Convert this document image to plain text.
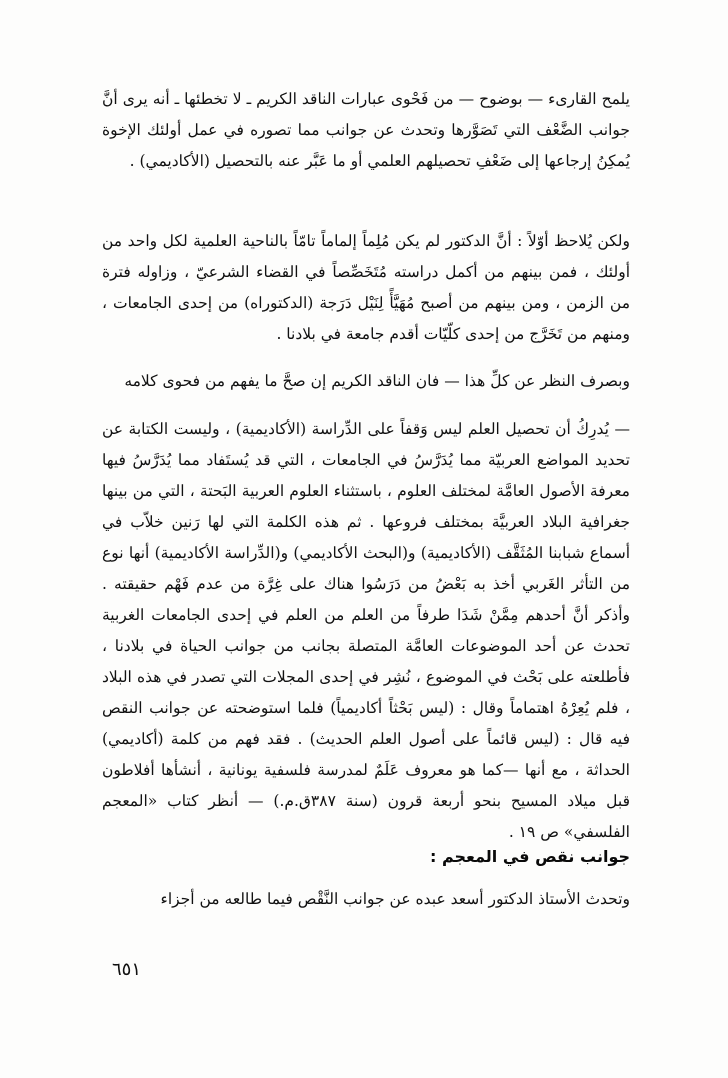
يلمح القارىء — بوضوح — من فَحْوى عبارات الناقد الكريم ـ لا تخطئها ـ أنه يرى أنَّ جوانب الضَّعْف التي تَصَوَّرها وتحدث عن جوانب مما تصوره في عمل أولئك الإخوة يُمكِنُ إرجاعها إلى ضَعْفِ تحصيلهم العلمي أو ما عَبَّر عنه بالتحصيل (الأكاديمي) .
ولكن يُلاحظ أوّلاً : أنَّ الدكتور لم يكن مُلِماً إلماماً تامّاً بالناحية العلمية لكل واحد من أولئك ، فمن بينهم من أكمل دراسته مُتَخَصِّصاً في القضاء الشرعيّ ، وزاوله فترة من الزمن ، ومن بينهم من أصبح مُهَيَّأً لِنَيْل دَرَجة (الدكتوراه) من إحدى الجامعات ، ومنهم من تَخَرَّج من إحدى كلّيّات أقدم جامعة في بلادنا .
وبصرف النظر عن كلِّ هذا — فان الناقد الكريم إن صحَّ ما يفهم من فحوى كلامه
— يُدرِكُ أن تحصيل العلم ليس وَقفاً على الدِّراسة (الأكاديمية) ، وليست الكتابة عن تحديد المواضع العربيّة مما يُدَرَّسُ في الجامعات ، التي قد يُستَفاد مما يُدَرَّسُ فيها معرفة الأصول العامَّة لمختلف العلوم ، باستثناء العلوم العربية البَحتة ، التي من بينها جغرافية البلاد العربيَّة بمختلف فروعها . ثم هذه الكلمة التي لها رَنين خلاّب في أسماع شبابنا المُثَقَّف (الأكاديمية) و(البحث الأكاديمي) و(الدِّراسة الأكاديمية) أنها نوع من التأثر الغَربي أخذ به بَعْضُ من دَرَسُوا هناك على غِرَّة من عدم فَهْم حقيقته . وأذكر أنَّ أحدهم مِمَّنْ شَدَا طرفاً من العلم من العلم في إحدى الجامعات الغربية تحدث عن أحد الموضوعات العامَّة المتصلة بجانب من جوانب الحياة في بلادنا ، فأطلعته على بَحْث في الموضوع ، نُشِر في إحدى المجلات التي تصدر في هذه البلاد ، فلم يُعِرْهُ اهتماماً وقال : (ليس بَحْثاً أكاديمياً) فلما استوضحته عن جوانب النقص فيه قال : (ليس قائماً على أصول العلم الحديث) . فقد فهم من كلمة (أكاديمي) الحداثة ، مع أنها —كما هو معروف عَلَمٌ لمدرسة فلسفية يونانية ، أنشأها أفلاطون قبل ميلاد المسيح بنحو أربعة قرون (سنة ٣٨٧ق.م.) — أنظر كتاب «المعجم الفلسفي» ص ١٩ .
جوانب نقص في المعجم :
وتحدث الأستاذ الدكتور أسعد عبده عن جوانب النَّقْص فيما طالعه من أجزاء
٦٥١
